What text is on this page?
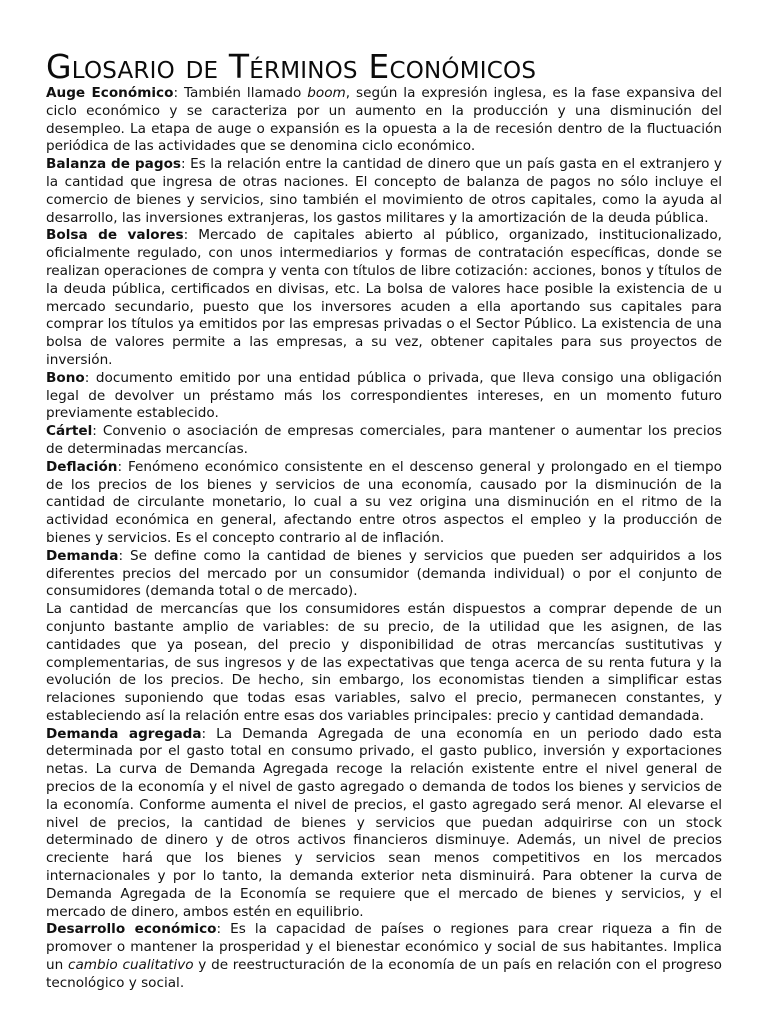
Glosario de Términos Económicos

Auge Económico: También llamado boom, según la expresión inglesa, es la fase expansiva del ciclo económico y se caracteriza por un aumento en la producción y una disminución del desempleo. La etapa de auge o expansión es la opuesta a la de recesión dentro de la fluctuación periódica de las actividades que se denomina ciclo económico.

Balanza de pagos: Es la relación entre la cantidad de dinero que un país gasta en el extranjero y la cantidad que ingresa de otras naciones. El concepto de balanza de pagos no sólo incluye el comercio de bienes y servicios, sino también el movimiento de otros capitales, como la ayuda al desarrollo, las inversiones extranjeras, los gastos militares y la amortización de la deuda pública.

Bolsa de valores: Mercado de capitales abierto al público, organizado, institucionalizado, oficialmente regulado, con unos intermediarios y formas de contratación específicas, donde se realizan operaciones de compra y venta con títulos de libre cotización: acciones, bonos y títulos de la deuda pública, certificados en divisas, etc. La bolsa de valores hace posible la existencia de u mercado secundario, puesto que los inversores acuden a ella aportando sus capitales para comprar los títulos ya emitidos por las empresas privadas o el Sector Público. La existencia de una bolsa de valores permite a las empresas, a su vez, obtener capitales para sus proyectos de inversión.

Bono: documento emitido por una entidad pública o privada, que lleva consigo una obligación legal de devolver un préstamo más los correspondientes intereses, en un momento futuro previamente establecido.

Cártel: Convenio o asociación de empresas comerciales, para mantener o aumentar los precios de determinadas mercancías.

Deflación: Fenómeno económico consistente en el descenso general y prolongado en el tiempo de los precios de los bienes y servicios de una economía, causado por la disminución de la cantidad de circulante monetario, lo cual a su vez origina una disminución en el ritmo de la actividad económica en general, afectando entre otros aspectos el empleo y la producción de bienes y servicios. Es el concepto contrario al de inflación.

Demanda: Se define como la cantidad de bienes y servicios que pueden ser adquiridos a los diferentes precios del mercado por un consumidor (demanda individual) o por el conjunto de consumidores (demanda total o de mercado).

La cantidad de mercancías que los consumidores están dispuestos a comprar depende de un conjunto bastante amplio de variables: de su precio, de la utilidad que les asignen, de las cantidades que ya posean, del precio y disponibilidad de otras mercancías sustitutivas y complementarias, de sus ingresos y de las expectativas que tenga acerca de su renta futura y la evolución de los precios. De hecho, sin embargo, los economistas tienden a simplificar estas relaciones suponiendo que todas esas variables, salvo el precio, permanecen constantes, y estableciendo así la relación entre esas dos variables principales: precio y cantidad demandada.

Demanda agregada: La Demanda Agregada de una economía en un periodo dado esta determinada por el gasto total en consumo privado, el gasto publico, inversión y exportaciones netas. La curva de Demanda Agregada recoge la relación existente entre el nivel general de precios de la economía y el nivel de gasto agregado o demanda de todos los bienes y servicios de la economía. Conforme aumenta el nivel de precios, el gasto agregado será menor. Al elevarse el nivel de precios, la cantidad de bienes y servicios que puedan adquirirse con un stock determinado de dinero y de otros activos financieros disminuye. Además, un nivel de precios creciente hará que los bienes y servicios sean menos competitivos en los mercados internacionales y por lo tanto, la demanda exterior neta disminuirá. Para obtener la curva de Demanda Agregada de la Economía se requiere que el mercado de bienes y servicios, y el mercado de dinero, ambos estén en equilibrio.

Desarrollo económico: Es la capacidad de países o regiones para crear riqueza a fin de promover o mantener la prosperidad y el bienestar económico y social de sus habitantes. Implica un cambio cualitativo y de reestructuración de la economía de un país en relación con el progreso tecnológico y social.
